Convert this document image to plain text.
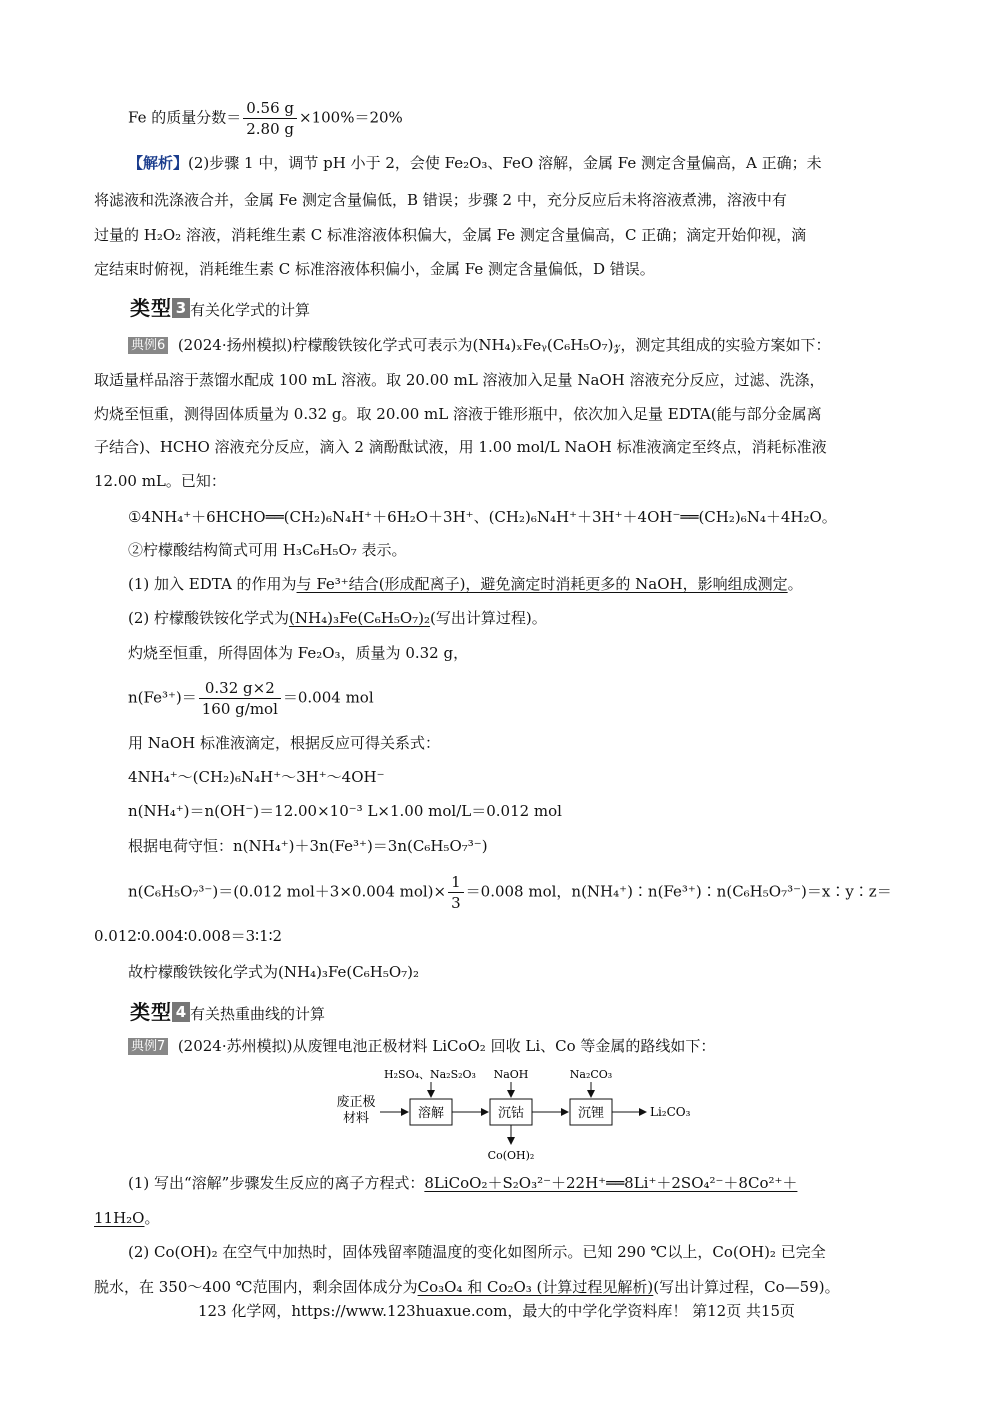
Fe 的质量分数＝ $\frac{0.56 g}{2.80 g} \times 100\%=20\%$
【解析】(2)步骤 1 中，调节 pH 小于 2，会使 Fe₂O₃、FeO 溶解，金属 Fe 测定含量偏高，A 正确；未
将滤液和洗涤液合并，金属 Fe 测定含量偏低，B 错误；步骤 2 中，充分反应后未将溶液煮沸，溶液中有
过量的 H₂O₂ 溶液，消耗维生素 C 标准溶液体积偏大，金属 Fe 测定含量偏高，C 正确；滴定开始仰视，滴
定结束时俯视，消耗维生素 C 标准溶液体积偏小，金属 Fe 测定含量偏低，D 错误。
类型 3 有关化学式的计算
典例6 (2024·扬州模拟)柠檬酸铁铵化学式可表示为(NH₄)ₓFeᵧ(C₆H₅O₇)𝓏，测定其组成的实验方案如下：
取适量样品溶于蒸馏水配成 100 mL 溶液。取 20.00 mL 溶液加入足量 NaOH 溶液充分反应，过滤、洗涤，
灼烧至恒重，测得固体质量为 0.32 g。取 20.00 mL 溶液于锥形瓶中，依次加入足量 EDTA(能与部分金属离
子结合)、HCHO 溶液充分反应，滴入 2 滴酚酞试液，用 1.00 mol/L NaOH 标准液滴定至终点，消耗标准液
12.00 mL。已知：
①4NH₄⁺＋6HCHO══(CH₂)₆N₄H⁺＋6H₂O＋3H⁺、(CH₂)₆N₄H⁺＋3H⁺＋4OH⁻══(CH₂)₆N₄＋4H₂O。
②柠檬酸结构简式可用 H₃C₆H₅O₇ 表示。
(1) 加入 EDTA 的作用为与 Fe³⁺结合(形成配离子)，避免滴定时消耗更多的 NaOH，影响组成测定。
(2) 柠檬酸铁铵化学式为(NH₄)₃Fe(C₆H₅O₇)₂(写出计算过程)。
灼烧至恒重，所得固体为 Fe₂O₃，质量为 0.32 g，
$n(Fe^{3+})= \frac{0.32 g\times 2}{\text{160 g/mol}} =0.004$ mol
用 NaOH 标准液滴定，根据反应可得关系式：
4NH₄⁺～(CH₂)₆N₄H⁺～3H⁺～4OH⁻
n(NH₄⁺)＝n(OH⁻)＝12.00×10⁻³ L×1.00 mol/L＝0.012 mol
根据电荷守恒：n(NH₄⁺)＋3n(Fe³⁺)＝3n(C₆H₅O₇³⁻)
n(C₆H₅O₇³⁻)＝(0.012 mol＋3×0.004 $mol)\times \frac{1}{3} =0.008$ mol，n(NH₄⁺)∶n(Fe³⁺)∶n(C₆H₅O₇³⁻)＝x∶y∶z＝
0.012∶0.004∶0.008＝3∶1∶2
故柠檬酸铁铵化学式为(NH₄)₃Fe(C₆H₅O₇)₂
类型 4 有关热重曲线的计算
典例7 (2024·苏州模拟)从废锂电池正极材料 LiCoO₂ 回收 Li、Co 等金属的路线如下：
废正极
材料	溶解	沉钴	沉锂	Li₂CO₃
H₂SO₄、Na₂S₂O₃ NaOH	Na₂CO₃
Co(OH)₂
(1) 写出“溶解”步骤发生反应的离子方程式：8LiCoO₂＋S₂O₃²⁻＋22H⁺══8Li⁺＋2SO₄²⁻＋8Co²⁺＋
11H₂O。
(2) Co(OH)₂ 在空气中加热时，固体残留率随温度的变化如图所示。已知 290 ℃以上，Co(OH)₂ 已完全
脱水，在 350～400 ℃范围内，剩余固体成分为Co₃O₄ 和 Co₂O₃ (计算过程见解析)(写出计算过程，Co—59)。
123 化学网，https://www.123huaxue.com，最大的中学化学资料库！ 第12页 共15页
